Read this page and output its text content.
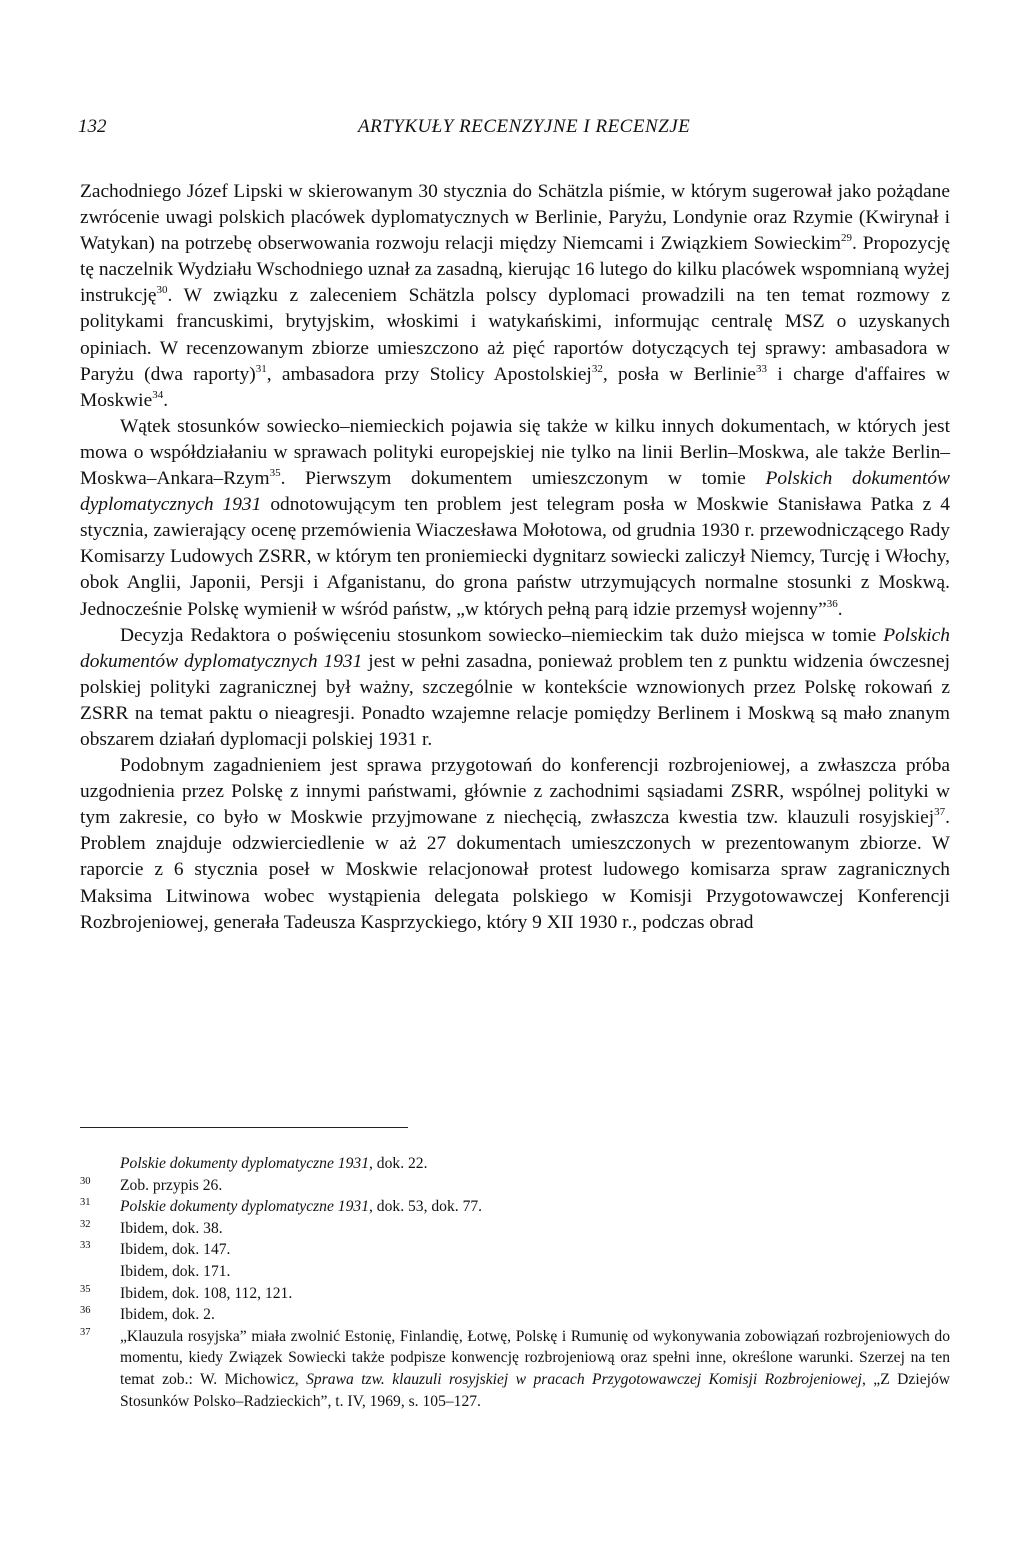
132	ARTYKUŁY RECENZYJNE I RECENZJE

Zachodniego Józef Lipski w skierowanym 30 stycznia do Schätzla piśmie, w którym sugerował jako pożądane zwrócenie uwagi polskich placówek dyplomatycznych w Berlinie, Paryżu, Londynie oraz Rzymie (Kwirynał i Watykan) na potrzebę obserwowania rozwoju relacji między Niemcami i Związkiem Sowieckim$^{29}$. Propozycję tę naczelnik Wydziału Wschodniego uznał za zasadną, kierując 16 lutego do kilku placówek wspomnianą wyżej instrukcję$^{30}$. W związku z zaleceniem Schätzla polscy dyplomaci prowadzili na ten temat rozmowy z politykami francuskimi, brytyjskim, włoskimi i watykańskimi, informując centralę MSZ o uzyskanych opiniach. W recenzowanym zbiorze umieszczono aż pięć raportów dotyczących tej sprawy: ambasadora w Paryżu (dwa raporty)$^{31}$, ambasadora przy Stolicy Apostolskiej$^{32}$, posła w Berlinie$^{33}$ i charge d'affaires w Moskwie$^{34}$.

Wątek stosunków sowiecko–niemieckich pojawia się także w kilku innych dokumentach, w których jest mowa o współdziałaniu w sprawach polityki europejskiej nie tylko na linii Berlin–Moskwa, ale także Berlin–Moskwa–Ankara–Rzym$^{35}$. Pierwszym dokumentem umieszczonym w tomie Polskich dokumentów dyplomatycznych 1931 odnotowującym ten problem jest telegram posła w Moskwie Stanisława Patka z 4 stycznia, zawierający ocenę przemówienia Wiaczesława Mołotowa, od grudnia 1930 r. przewodniczącego Rady Komisarzy Ludowych ZSRR, w którym ten proniemiecki dygnitarz sowiecki zaliczył Niemcy, Turcję i Włochy, obok Anglii, Japonii, Persji i Afganistanu, do grona państw utrzymujących normalne stosunki z Moskwą. Jednocześnie Polskę wymienił w wśród państw, „w których pełną parą idzie przemysł wojenny”$^{36}$.

Decyzja Redaktora o poświęceniu stosunkom sowiecko–niemieckim tak dużo miejsca w tomie Polskich dokumentów dyplomatycznych 1931 jest w pełni zasadna, ponieważ problem ten z punktu widzenia ówczesnej polskiej polityki zagranicznej był ważny, szczególnie w kontekście wznowionych przez Polskę rokowań z ZSRR na temat paktu o nieagresji. Ponadto wzajemne relacje pomiędzy Berlinem i Moskwą są mało znanym obszarem działań dyplomacji polskiej 1931 r.

Podobnym zagadnieniem jest sprawa przygotowań do konferencji rozbrojeniowej, a zwłaszcza próba uzgodnienia przez Polskę z innymi państwami, głównie z zachodnimi sąsiadami ZSRR, wspólnej polityki w tym zakresie, co było w Moskwie przyjmowane z niechęcią, zwłaszcza kwestia tzw. klauzuli rosyjskiej$^{37}$. Problem znajduje odzwierciedlenie w aż 27 dokumentach umieszczonych w prezentowanym zbiorze. W raporcie z 6 stycznia poseł w Moskwie relacjonował protest ludowego komisarza spraw zagranicznych Maksima Litwinowa wobec wystąpienia delegata polskiego w Komisji Przygotowawczej Konferencji Rozbrojeniowej, generała Tadeusza Kasprzyckiego, który 9 XII 1930 r., podczas obrad

Polskie dokumenty dyplomatyczne 1931, dok. 22.
30	Zob. przypis 26.
31	Polskie dokumenty dyplomatyczne 1931, dok. 53, dok. 77.
32	Ibidem, dok. 38.
33	Ibidem, dok. 147.
Ibidem, dok. 171.
35	Ibidem, dok. 108, 112, 121.
36	Ibidem, dok. 2.
37	„Klauzula rosyjska” miała zwolnić Estonię, Finlandię, Łotwę, Polskę i Rumunię od wykonywania zobowiązań rozbrojeniowych do momentu, kiedy Związek Sowiecki także podpisze konwencję rozbrojeniową oraz spełni inne, określone warunki. Szerzej na ten temat zob.: W. Michowicz, Sprawa tzw. klauzuli rosyjskiej w pracach Przygotowawczej Komisji Rozbrojeniowej, „Z Dziejów Stosunków Polsko–Radzieckich”, t. IV, 1969, s. 105–127.
